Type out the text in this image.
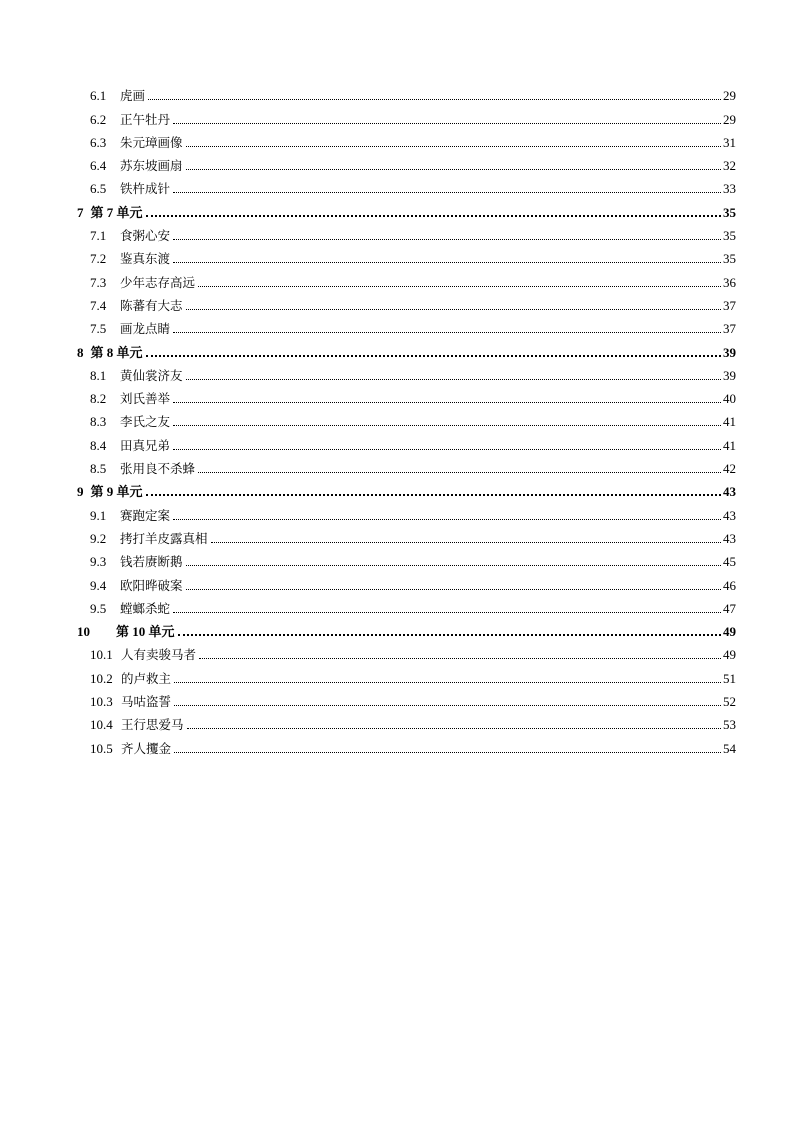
6.1	虎画	29
6.2	正午牡丹	29
6.3	朱元璋画像	31
6.4	苏东坡画扇	32
6.5	铁杵成针	33
7 第 7 单元	35
7.1	食粥心安	35
7.2	鉴真东渡	35
7.3	少年志存高远	36
7.4	陈蕃有大志	37
7.5	画龙点睛	37
8 第 8 单元	39
8.1	黄仙裳济友	39
8.2	刘氏善举	40
8.3	李氏之友	41
8.4	田真兄弟	41
8.5	张用良不杀蜂	42
9 第 9 单元	43
9.1	赛跑定案	43
9.2	拷打羊皮露真相	43
9.3	钱若赓断鹅	45
9.4	欧阳晔破案	46
9.5	螳螂杀蛇	47
10	第 10 单元	49
10.1 人有卖骏马者	49
10.2 的卢救主	51
10.3 马咕盗誓	52
10.4 王行思爱马	53
10.5 齐人攫金	54
